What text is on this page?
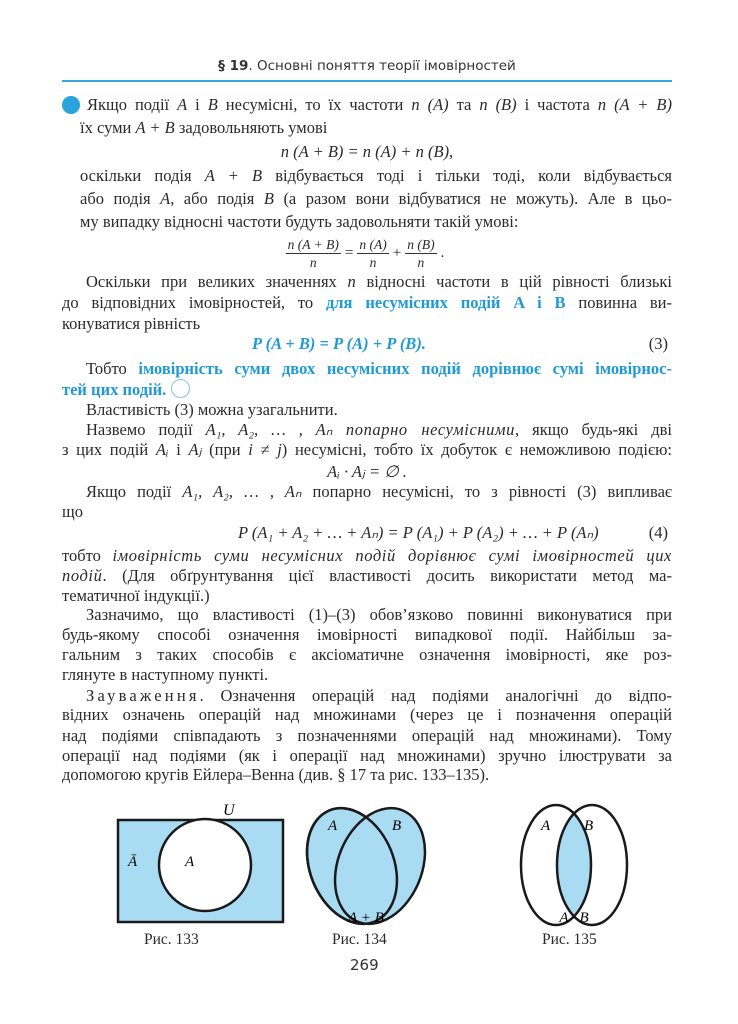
§ 19. Основні поняття теорії імовірностей
Якщо події A і B несумісні, то їх частоти n (A) та n (B) і частота n (A + B)
їх суми A + B задовольняють умові
n (A + B) = n (A) + n (B),
оскільки подія A + B відбувається тоді і тільки тоді, коли відбувається
або подія A, або подія B (а разом вони відбуватися не можуть). Але в цьо-
му випадку відносні частоти будуть задовольняти такій умові:
$\frac{n (A + B)}{n} = \frac{n (A)}{n} + \frac{n (B)}{n}$ .
Оскільки при великих значеннях n відносні частоти в цій рівності близькі
до відповідних імовірностей, то для несумісних подій A і B повинна ви-
конуватися рівність
P (A + B) = P (A) + P (B).	(3)
Тобто імовірність суми двох несумісних подій дорівнює сумі імовірнос-
тей цих подій.
Властивість (3) можна узагальнити.
Назвемо події A₁, A₂, … , Aₙ попарно несумісними, якщо будь-які дві
з цих подій Aᵢ і Aⱼ (при i ≠ j) несумісні, тобто їх добуток є неможливою подією:
Aᵢ · Aⱼ = ∅ .
Якщо події A₁, A₂, … , Aₙ попарно несумісні, то з рівності (3) випливає
що
P (A₁ + A₂ + … + Aₙ) = P (A₁) + P (A₂) + … + P (Aₙ)	(4)
тобто імовірність суми несумісних подій дорівнює сумі імовірностей цих
подій. (Для обґрунтування цієї властивості досить використати метод ма-
тематичної індукції.)
Зазначимо, що властивості (1)–(3) обов’язково повинні виконуватися при
будь-якому способі означення імовірності випадкової події. Найбільш за-
гальним з таких способів є аксіоматичне означення імовірності, яке роз-
глянуте в наступному пункті.
Зауваження. Означення операцій над подіями аналогічні до відпо-
відних означень операцій над множинами (через це і позначення операцій
над подіями співпадають з позначеннями операцій над множинами). Тому
операції над подіями (як і операції над множинами) зручно ілюструвати за
допомогою кругів Ейлера–Венна (див. § 17 та рис. 133–135).
U
Ā	A
A	B
A + B
A B
A · B
Рис. 133	Рис. 134	Рис. 135
269
